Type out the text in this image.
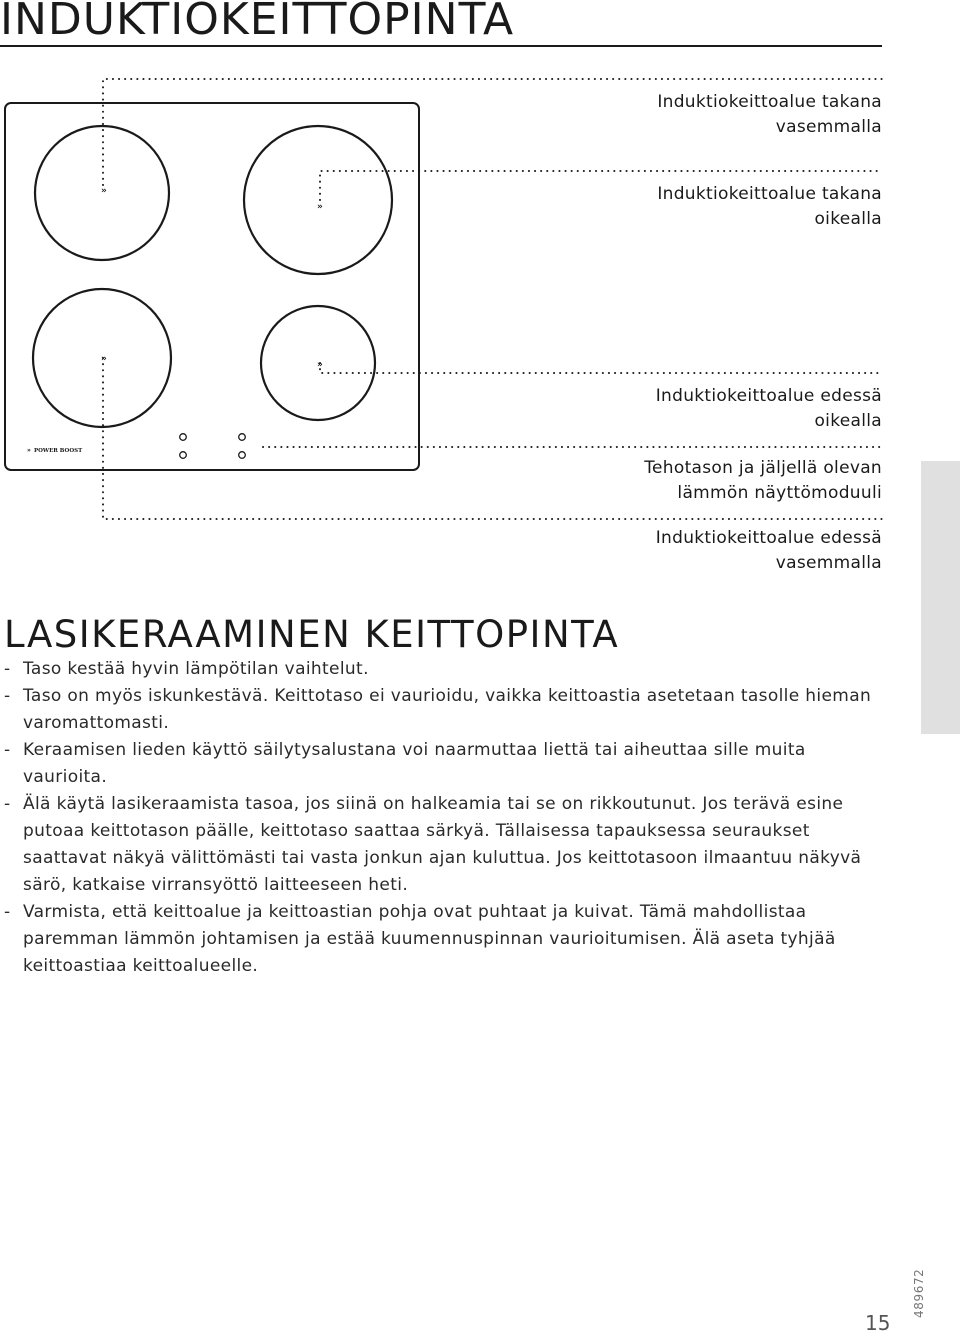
INDUKTIOKEITTOPINTA
»
»
»
»
» POWER BOOST
Induktiokeittoalue takana
vasemmalla
Induktiokeittoalue takana
oikealla
Induktiokeittoalue edessä
oikealla
Tehotason ja jäljellä olevan
lämmön näyttömoduuli
Induktiokeittoalue edessä
vasemmalla
LASIKERAAMINEN KEITTOPINTA
- Taso kestää hyvin lämpötilan vaihtelut.
- Taso on myös iskunkestävä. Keittotaso ei vaurioidu, vaikka keittoastia asetetaan tasolle hieman varomattomasti.
- Keraamisen lieden käyttö säilytysalustana voi naarmuttaa liettä tai aiheuttaa sille muita vaurioita.
- Älä käytä lasikeraamista tasoa, jos siinä on halkeamia tai se on rikkoutunut. Jos terävä esine putoaa keittotason päälle, keittotaso saattaa särkyä. Tällaisessa tapauksessa seuraukset saattavat näkyä välittömästi tai vasta jonkun ajan kuluttua. Jos keittotasoon ilmaantuu näkyvä särö, katkaise virransyöttö laitteeseen heti.
- Varmista, että keittoalue ja keittoastian pohja ovat puhtaat ja kuivat. Tämä mahdollistaa paremman lämmön johtamisen ja estää kuumennuspinnan vaurioitumisen. Älä aseta tyhjää keittoastiaa keittoalueelle.
15
489672
